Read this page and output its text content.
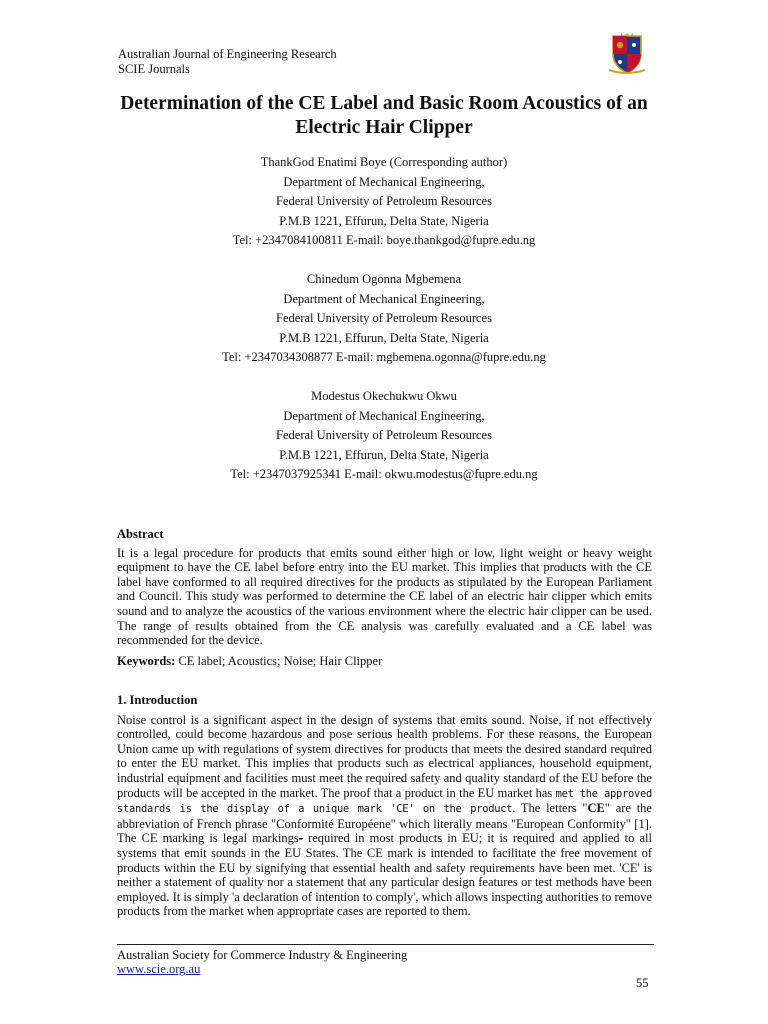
Australian Journal of Engineering Research
SCIE Journals
Determination of the CE Label and Basic Room Acoustics of an Electric Hair Clipper
ThankGod Enatimi Boye (Corresponding author)
Department of Mechanical Engineering,
Federal University of Petroleum Resources
P.M.B 1221, Effurun, Delta State, Nigeria
Tel: +2347084100811 E-mail: boye.thankgod@fupre.edu.ng
Chinedum Ogonna Mgbemena
Department of Mechanical Engineering,
Federal University of Petroleum Resources
P.M.B 1221, Effurun, Delta State, Nigeria
Tel: +2347034308877 E-mail: mgbemena.ogonna@fupre.edu.ng
Modestus Okechukwu Okwu
Department of Mechanical Engineering,
Federal University of Petroleum Resources
P.M.B 1221, Effurun, Delta State, Nigeria
Tel: +2347037925341 E-mail: okwu.modestus@fupre.edu.ng
Abstract
It is a legal procedure for products that emits sound either high or low, light weight or heavy weight equipment to have the CE label before entry into the EU market. This implies that products with the CE label have conformed to all required directives for the products as stipulated by the European Parliament and Council. This study was performed to determine the CE label of an electric hair clipper which emits sound and to analyze the acoustics of the various environment where the electric hair clipper can be used. The range of results obtained from the CE analysis was carefully evaluated and a CE label was recommended for the device.
Keywords: CE label; Acoustics; Noise; Hair Clipper
1. Introduction
Noise control is a significant aspect in the design of systems that emits sound. Noise, if not effectively controlled, could become hazardous and pose serious health problems. For these reasons, the European Union came up with regulations of system directives for products that meets the desired standard required to enter the EU market. This implies that products such as electrical appliances, household equipment, industrial equipment and facilities must meet the required safety and quality standard of the EU before the products will be accepted in the market. The proof that a product in the EU market has met the approved standards is the display of a unique mark 'CE' on the product. The letters "CE" are the abbreviation of French phrase "Conformité Européene" which literally means "European Conformity" [1]. The CE marking is legal markings- required in most products in EU; it is required and applied to all systems that emit sounds in the EU States. The CE mark is intended to facilitate the free movement of products within the EU by signifying that essential health and safety requirements have been met. 'CE' is neither a statement of quality nor a statement that any particular design features or test methods have been employed. It is simply 'a declaration of intention to comply', which allows inspecting authorities to remove products from the market when appropriate cases are reported to them.
Australian Society for Commerce Industry & Engineering
www.scie.org.au
55
